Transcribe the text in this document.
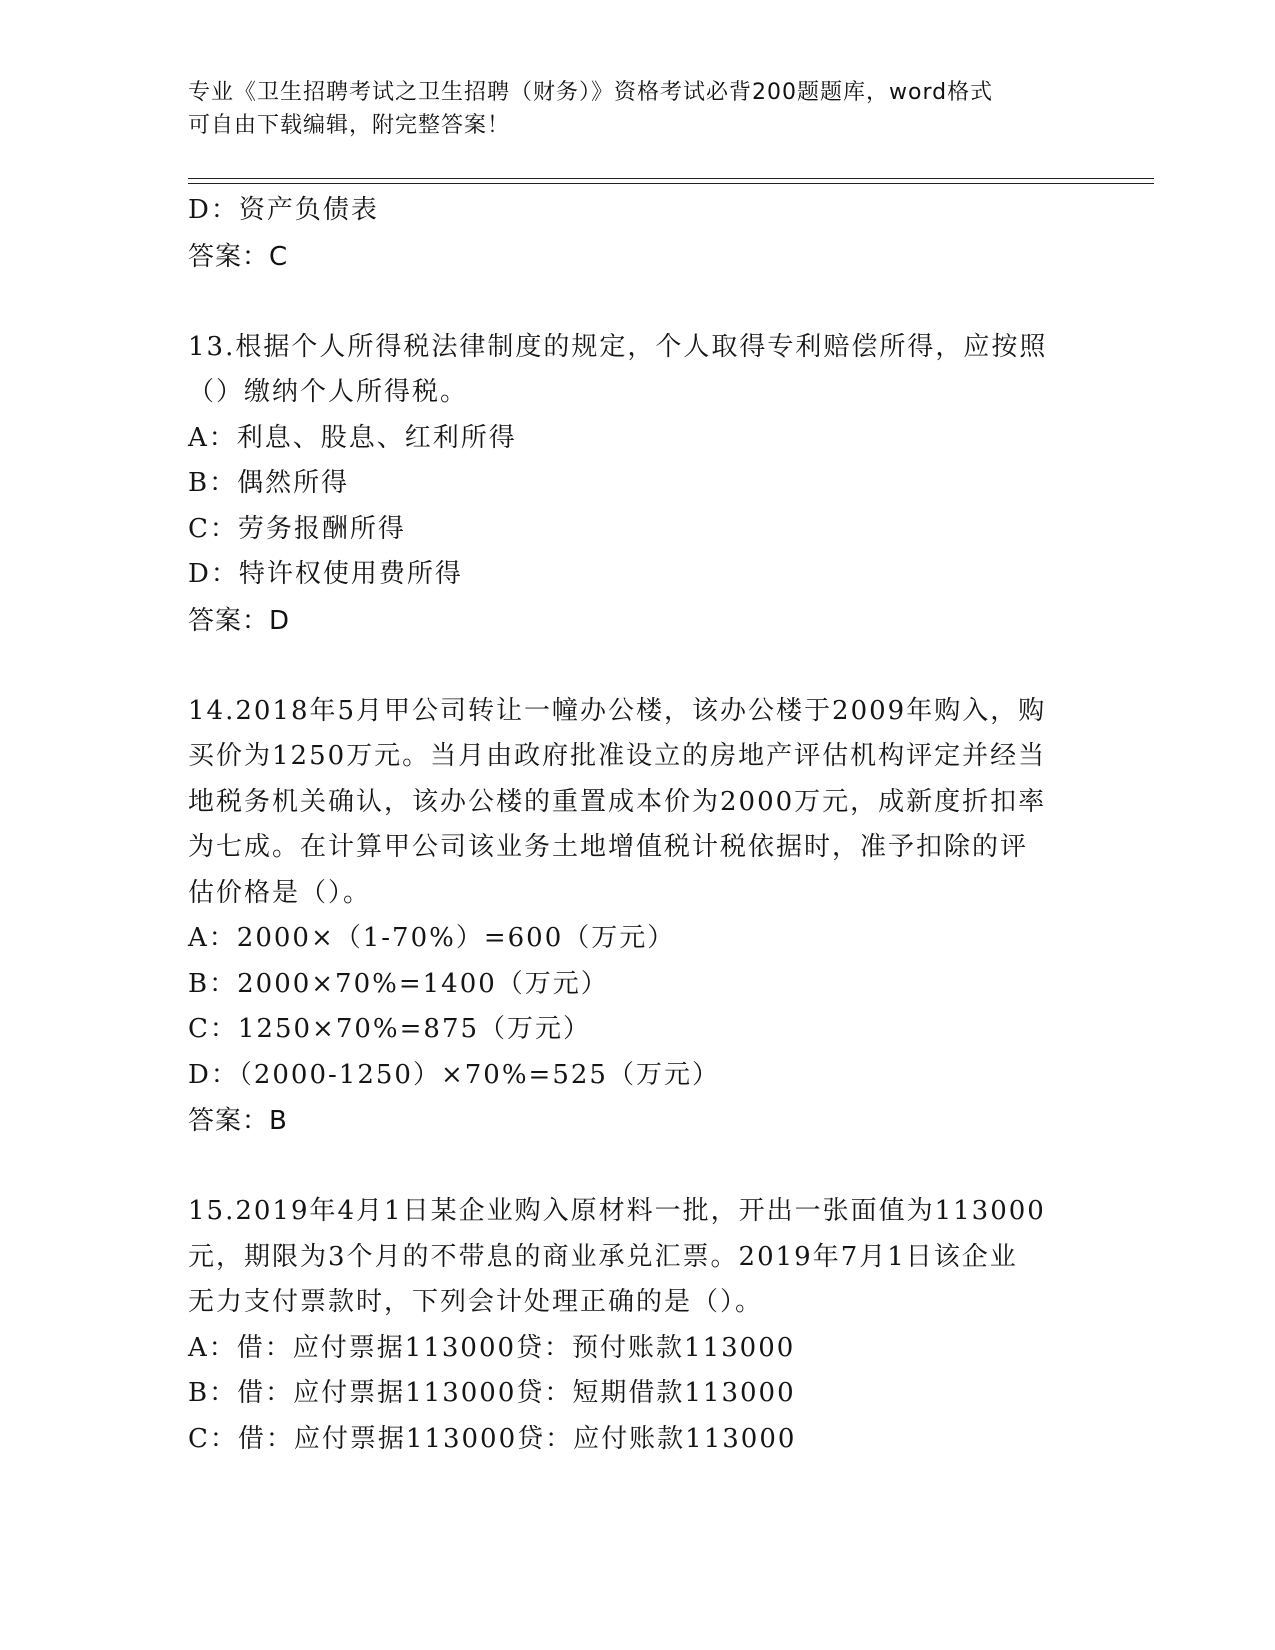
专业《卫生招聘考试之卫生招聘（财务）》资格考试必背200题题库，word格式
可自由下载编辑，附完整答案！
D：资产负债表
答案：C
13.根据个人所得税法律制度的规定，个人取得专利赔偿所得，应按照
（）缴纳个人所得税。
A：利息、股息、红利所得
B：偶然所得
C：劳务报酬所得
D：特许权使用费所得
答案：D
14.2018年5月甲公司转让一幢办公楼，该办公楼于2009年购入，购
买价为1250万元。当月由政府批准设立的房地产评估机构评定并经当
地税务机关确认，该办公楼的重置成本价为2000万元，成新度折扣率
为七成。在计算甲公司该业务土地增值税计税依据时，准予扣除的评
估价格是（）。
A：2000×（1-70%）=600（万元）
B：2000×70%=1400（万元）
C：1250×70%=875（万元）
D：（2000-1250）×70%=525（万元）
答案：B
15.2019年4月1日某企业购入原材料一批，开出一张面值为113000
元，期限为3个月的不带息的商业承兑汇票。2019年7月1日该企业
无力支付票款时，下列会计处理正确的是（）。
A：借：应付票据113000贷：预付账款113000
B：借：应付票据113000贷：短期借款113000
C：借：应付票据113000贷：应付账款113000
